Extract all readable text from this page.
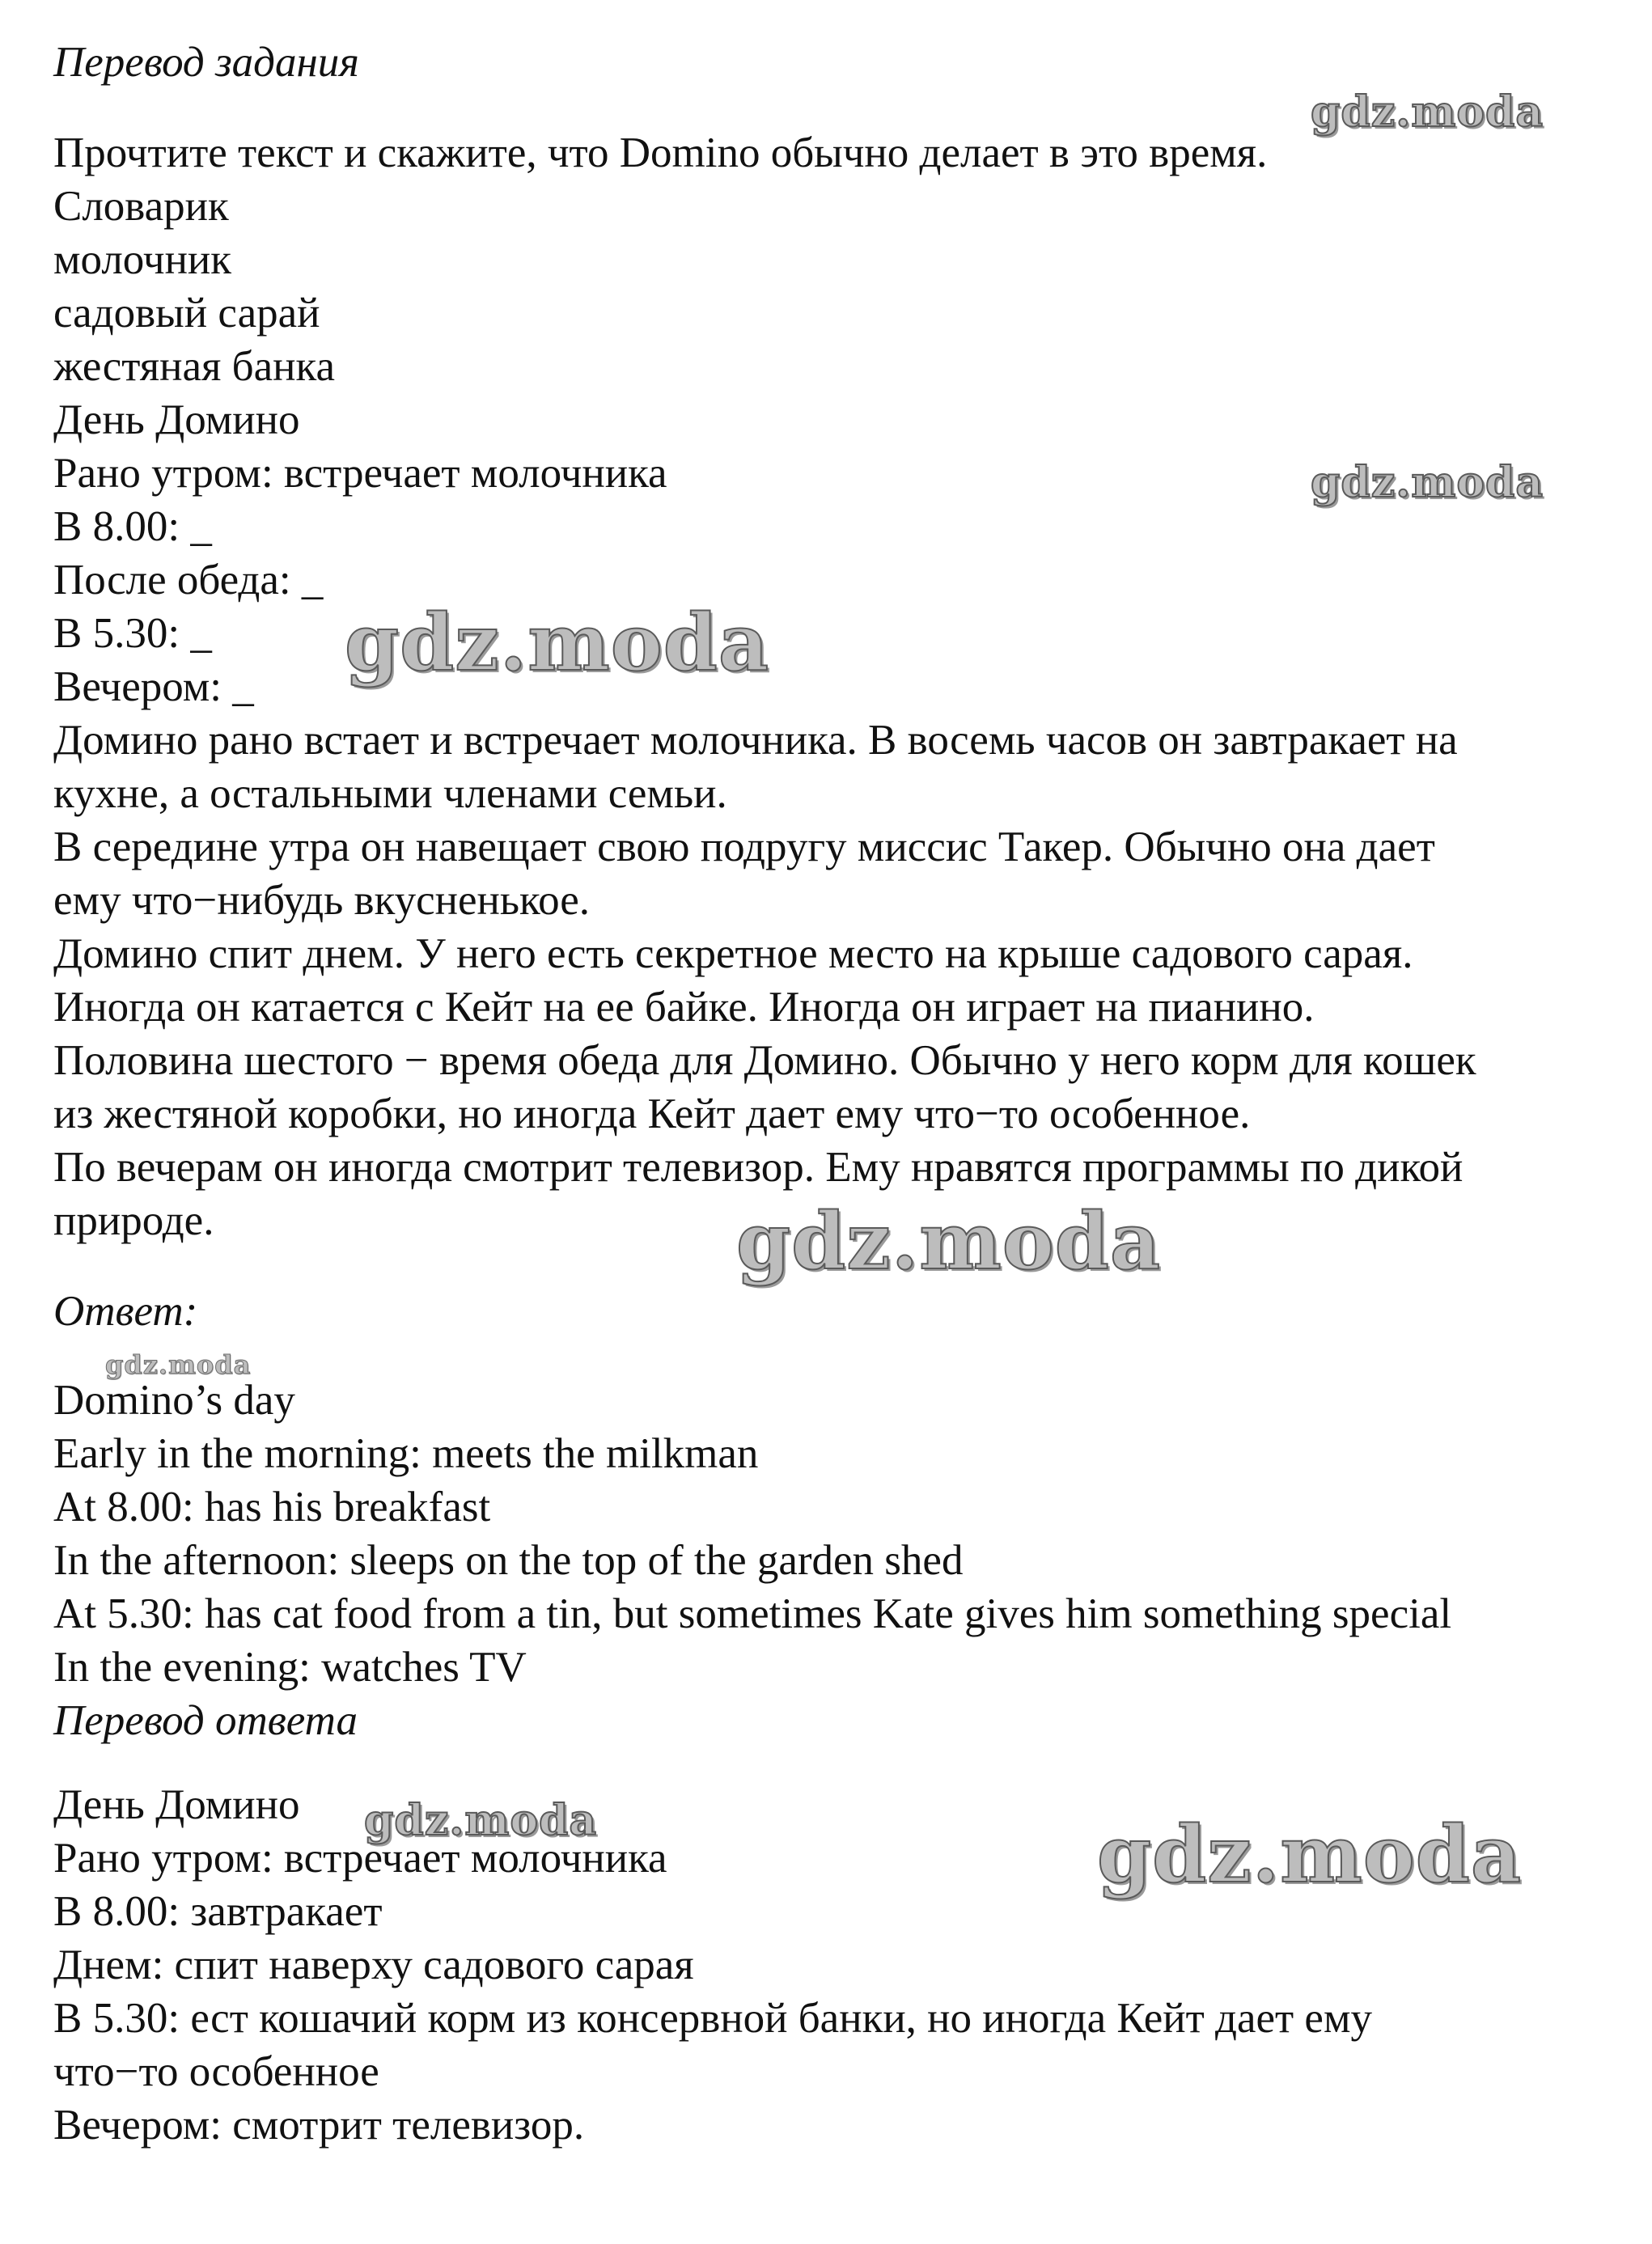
Перевод задания
Прочтите текст и скажите, что Domino обычно делает в это время.
Словарик
молочник
садовый сарай
жестяная банка
День Домино
Рано утром: встречает молочника
В 8.00: _
После обеда: _
В 5.30: _
Вечером: _
Домино рано встает и встречает молочника. В восемь часов он завтракает на
кухне, а остальными членами семьи.
В середине утра он навещает свою подругу миссис Такер. Обычно она дает
ему что−нибудь вкусненькое.
Домино спит днем. У него есть секретное место на крыше садового сарая.
Иногда он катается с Кейт на ее байке. Иногда он играет на пианино.
Половина шестого − время обеда для Домино. Обычно у него корм для кошек
из жестяной коробки, но иногда Кейт дает ему что−то особенное.
По вечерам он иногда смотрит телевизор. Ему нравятся программы по дикой
природе.
Ответ:
Domino’s day
Early in the morning: meets the milkman
At 8.00: has his breakfast
In the afternoon: sleeps on the top of the garden shed
At 5.30: has cat food from a tin, but sometimes Kate gives him something special
In the evening: watches TV
Перевод ответа
День Домино
Рано утром: встречает молочника
В 8.00: завтракает
Днем: спит наверху садового сарая
В 5.30: ест кошачий корм из консервной банки, но иногда Кейт дает ему
что−то особенное
Вечером: смотрит телевизор.
gdz.moda
gdz.moda
gdz.moda
gdz.moda
gdz.moda
gdz.moda	gdz.moda
